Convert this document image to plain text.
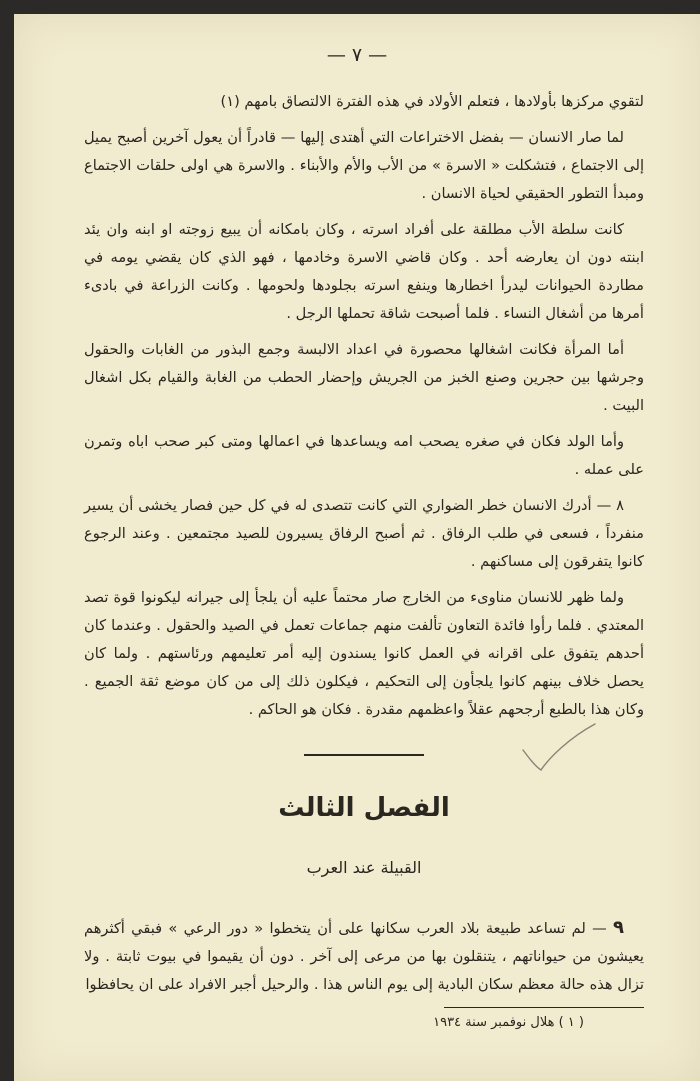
— ٧ —

لتقوي مركزها بأولادها ، فتعلم الأولاد في هذه الفترة الالتصاق بامهم (١)

لما صار الانسان — بفضل الاختراعات التي أهتدى إليها — قادراً أن يعول آخرين أصبح يميل إلى الاجتماع ، فتشكلت « الاسرة » من الأب والأم والأبناء . والاسرة هي اولى حلقات الاجتماع ومبدأ التطور الحقيقي لحياة الانسان .

كانت سلطة الأب مطلقة على أفراد اسرته ، وكان بامكانه أن يبيع زوجته او ابنه وان يئد ابنته دون ان يعارضه أحد . وكان قاضي الاسرة وخادمها ، فهو الذي كان يقضي يومه في مطاردة الحيوانات ليدرأ اخطارها وينفع اسرته بجلودها ولحومها . وكانت الزراعة في بادىء أمرها من أشغال النساء . فلما أصبحت شاقة تحملها الرجل .

أما المرأة فكانت اشغالها محصورة في اعداد الالبسة وجمع البذور من الغابات والحقول وجرشها بين حجرين وصنع الخبز من الجريش وإحضار الحطب من الغابة والقيام بكل اشغال البيت .

وأما الولد فكان في صغره يصحب امه ويساعدها في اعمالها ومتى كبر صحب اباه وتمرن على عمله .

٨ — أدرك الانسان خطر الضواري التي كانت تتصدى له في كل حين فصار يخشى أن يسير منفرداً ، فسعى في طلب الرفاق . ثم أصبح الرفاق يسيرون للصيد مجتمعين . وعند الرجوع كانوا يتفرقون إلى مساكنهم .

ولما ظهر للانسان مناوىء من الخارج صار محتماً عليه أن يلجأ إلى جيرانه ليكونوا قوة تصد المعتدي . فلما رأوا فائدة التعاون تألفت منهم جماعات تعمل في الصيد والحقول . وعندما كان أحدهم يتفوق على اقرانه في العمل كانوا يسندون إليه أمر تعليمهم ورئاستهم . ولما كان يحصل خلاف بينهم كانوا يلجأون إلى التحكيم ، فيكلون ذلك إلى من كان موضع ثقة الجميع . وكان هذا بالطبع أرجحهم عقلاً واعظمهم مقدرة . فكان هو الحاكم .

الفصل الثالث
القبيلة عند العرب

٩ — لم تساعد طبيعة بلاد العرب سكانها على أن يتخطوا « دور الرعي » فبقي أكثرهم يعيشون من حيواناتهم ، يتنقلون بها من مرعى إلى آخر . دون أن يقيموا في بيوت ثابتة . ولا تزال هذه حالة معظم سكان البادية إلى يوم الناس هذا . والرحيل أجبر الافراد على ان يحافظوا

( ١ ) هلال نوفمبر سنة ١٩٣٤
